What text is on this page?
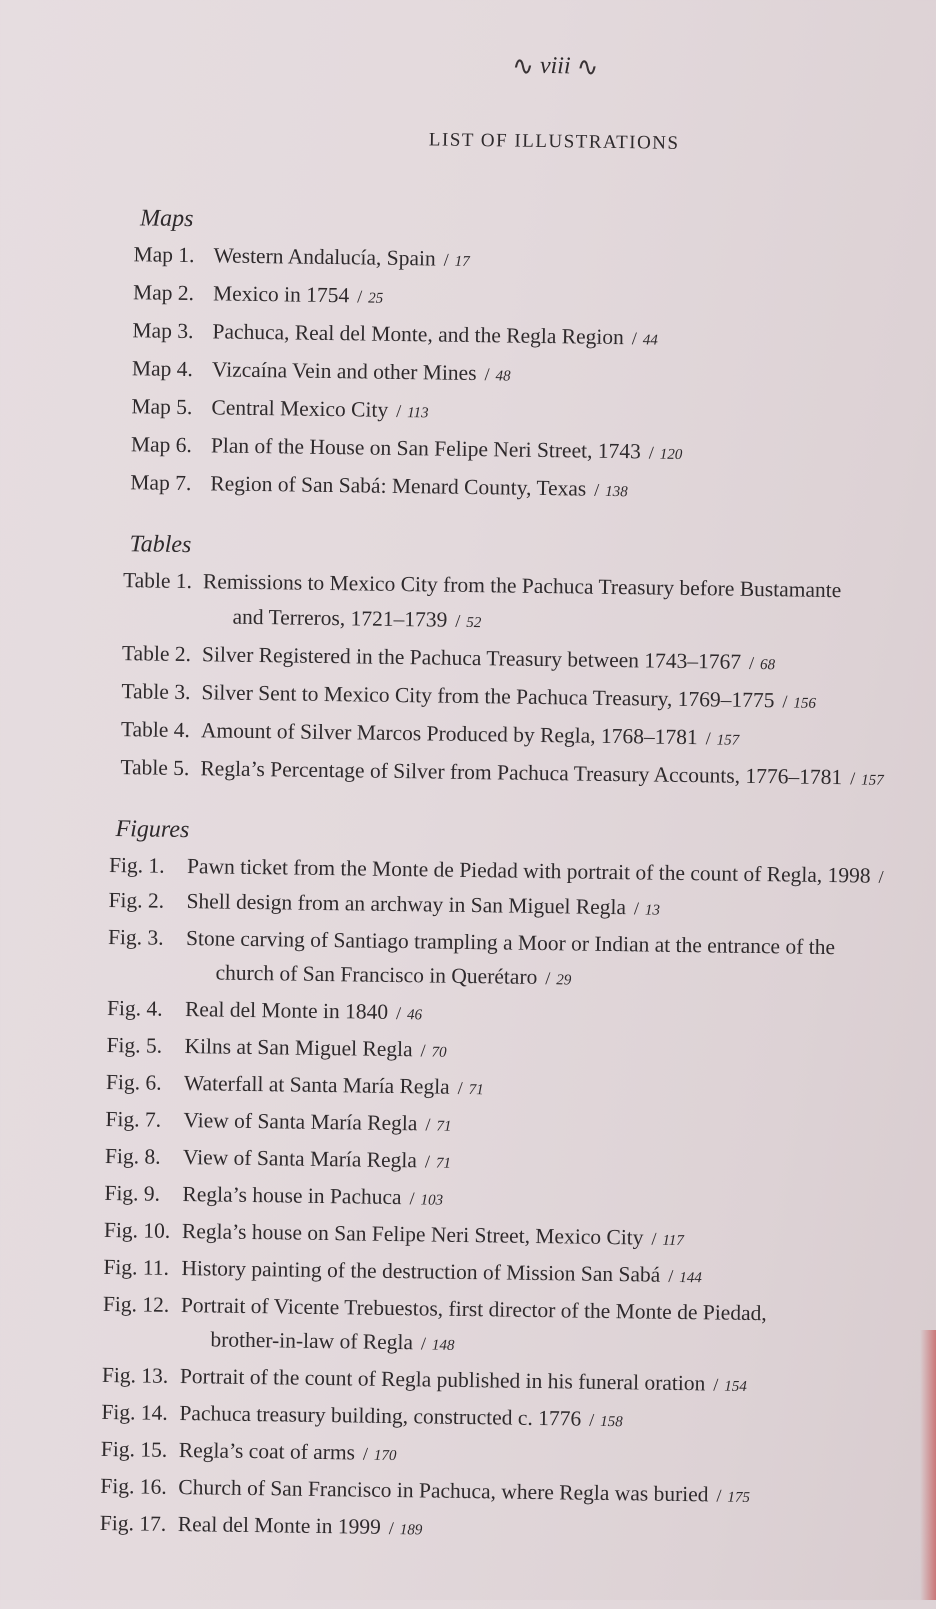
∿ viii ∿
LIST OF ILLUSTRATIONS
Maps
Map 1. Western Andalucía, Spain / 17
Map 2. Mexico in 1754 / 25
Map 3. Pachuca, Real del Monte, and the Regla Region / 44
Map 4. Vizcaína Vein and other Mines / 48
Map 5. Central Mexico City / 113
Map 6. Plan of the House on San Felipe Neri Street, 1743 / 120
Map 7. Region of San Sabá: Menard County, Texas / 138
Tables
Table 1. Remissions to Mexico City from the Pachuca Treasury before Bustamante
and Terreros, 1721–1739 / 52
Table 2. Silver Registered in the Pachuca Treasury between 1743–1767 / 68
Table 3. Silver Sent to Mexico City from the Pachuca Treasury, 1769–1775 / 156
Table 4. Amount of Silver Marcos Produced by Regla, 1768–1781 / 157
Table 5. Regla’s Percentage of Silver from Pachuca Treasury Accounts, 1776–1781 / 157
Figures
Fig. 1.	Pawn ticket from the Monte de Piedad with portrait of the count of Regla, 1998 /
Fig. 2.	Shell design from an archway in San Miguel Regla / 13
Fig. 3.	Stone carving of Santiago trampling a Moor or Indian at the entrance of the
church of San Francisco in Querétaro / 29
Fig. 4.	Real del Monte in 1840 / 46
Fig. 5.	Kilns at San Miguel Regla / 70
Fig. 6.	Waterfall at Santa María Regla / 71
Fig. 7.	View of Santa María Regla / 71
Fig. 8.	View of Santa María Regla / 71
Fig. 9.	Regla’s house in Pachuca / 103
Fig. 10. Regla’s house on San Felipe Neri Street, Mexico City / 117
Fig. 11. History painting of the destruction of Mission San Sabá / 144
Fig. 12. Portrait of Vicente Trebuestos, first director of the Monte de Piedad,
brother-in-law of Regla / 148
Fig. 13. Portrait of the count of Regla published in his funeral oration / 154
Fig. 14. Pachuca treasury building, constructed c. 1776 / 158
Fig. 15. Regla’s coat of arms / 170
Fig. 16. Church of San Francisco in Pachuca, where Regla was buried / 175
Fig. 17. Real del Monte in 1999 / 189
